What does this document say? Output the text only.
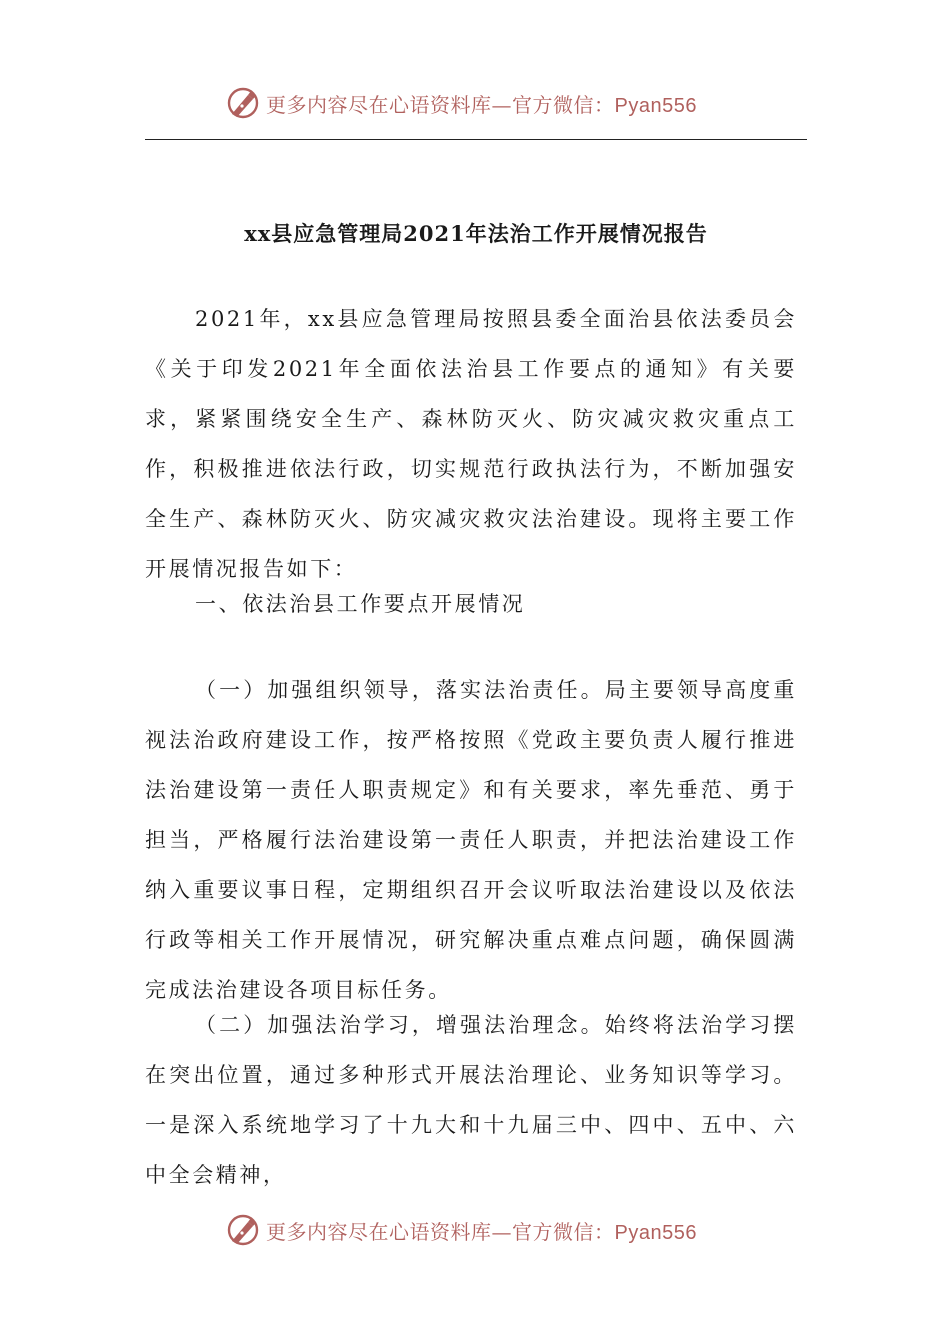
更多内容尽在心语资料库—官方微信：Pyan556
xx县应急管理局2021年法治工作开展情况报告

2021年，xx县应急管理局按照县委全面治县依法委员会《关于印发2021年全面依法治县工作要点的通知》有关要求，紧紧围绕安全生产、森林防灭火、防灾减灾救灾重点工作，积极推进依法行政，切实规范行政执法行为，不断加强安全生产、森林防灭火、防灾减灾救灾法治建设。现将主要工作开展情况报告如下：

一、依法治县工作要点开展情况

（一）加强组织领导，落实法治责任。局主要领导高度重视法治政府建设工作，按严格按照《党政主要负责人履行推进法治建设第一责任人职责规定》和有关要求，率先垂范、勇于担当，严格履行法治建设第一责任人职责，并把法治建设工作纳入重要议事日程，定期组织召开会议听取法治建设以及依法行政等相关工作开展情况，研究解决重点难点问题，确保圆满完成法治建设各项目标任务。

（二）加强法治学习，增强法治理念。始终将法治学习摆在突出位置，通过多种形式开展法治理论、业务知识等学习。一是深入系统地学习了十九大和十九届三中、四中、五中、六中全会精神，

更多内容尽在心语资料库—官方微信：Pyan556
